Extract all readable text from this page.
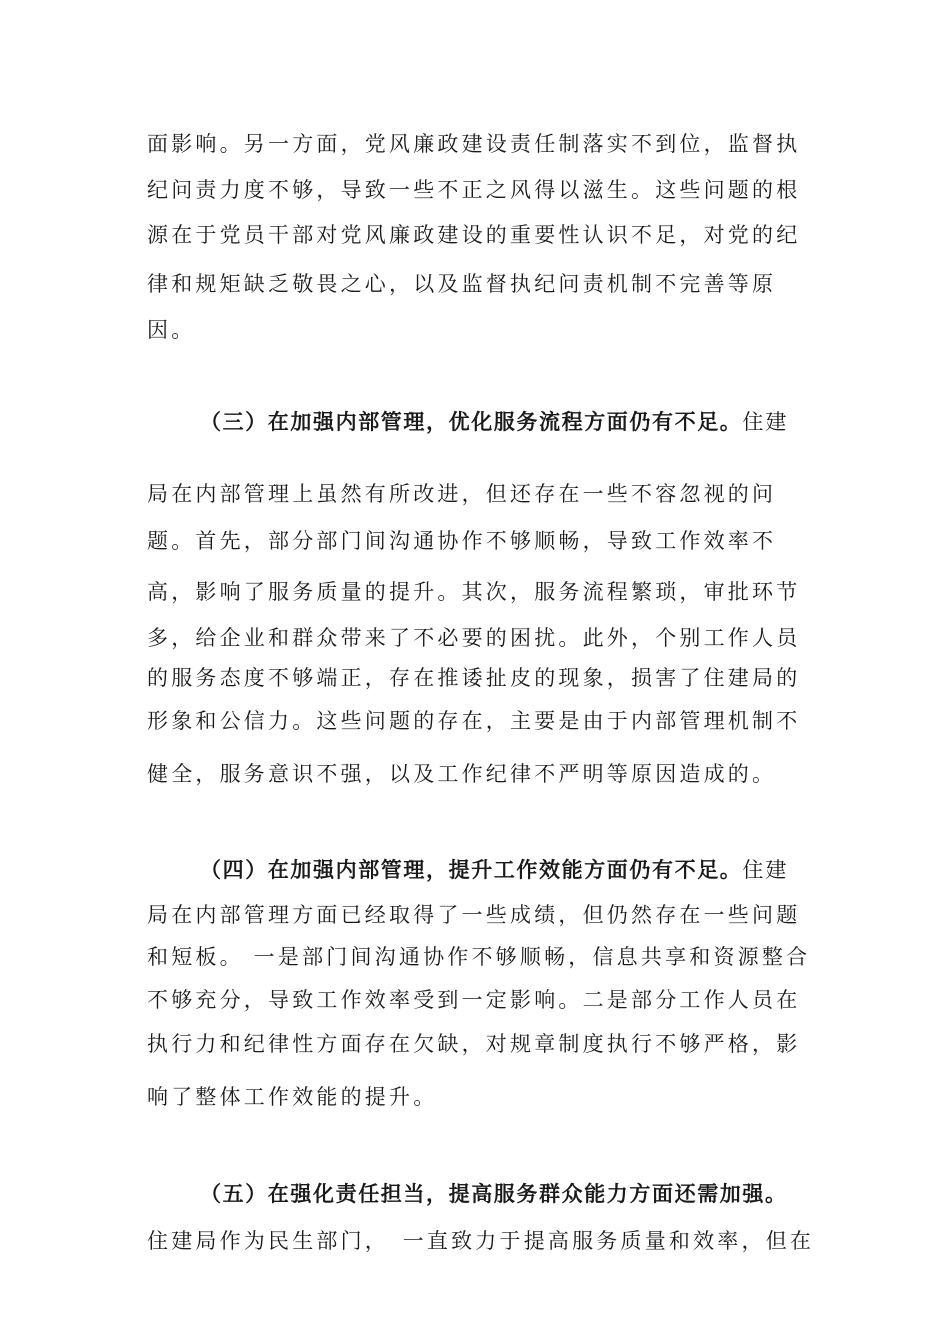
面影响。另一方面，党风廉政建设责任制落实不到位，监督执
纪问责力度不够，导致一些不正之风得以滋生。这些问题的根
源在于党员干部对党风廉政建设的重要性认识不足，对党的纪
律和规矩缺乏敬畏之心，以及监督执纪问责机制不完善等原
因。
（三）在加强内部管理，优化服务流程方面仍有不足。住建
局在内部管理上虽然有所改进，但还存在一些不容忽视的问
题。首先，部分部门间沟通协作不够顺畅，导致工作效率不
高，影响了服务质量的提升。其次，服务流程繁琐，审批环节
多，给企业和群众带来了不必要的困扰。此外，个别工作人员
的服务态度不够端正，存在推诿扯皮的现象，损害了住建局的
形象和公信力。这些问题的存在，主要是由于内部管理机制不
健全，服务意识不强，以及工作纪律不严明等原因造成的。
（四）在加强内部管理，提升工作效能方面仍有不足。住建
局在内部管理方面已经取得了一些成绩，但仍然存在一些问题
和短板。 一是部门间沟通协作不够顺畅，信息共享和资源整合
不够充分，导致工作效率受到一定影响。二是部分工作人员在
执行力和纪律性方面存在欠缺，对规章制度执行不够严格，影
响了整体工作效能的提升。
（五）在强化责任担当，提高服务群众能力方面还需加强。
住建局作为民生部门，　一直致力于提高服务质量和效率，但在
